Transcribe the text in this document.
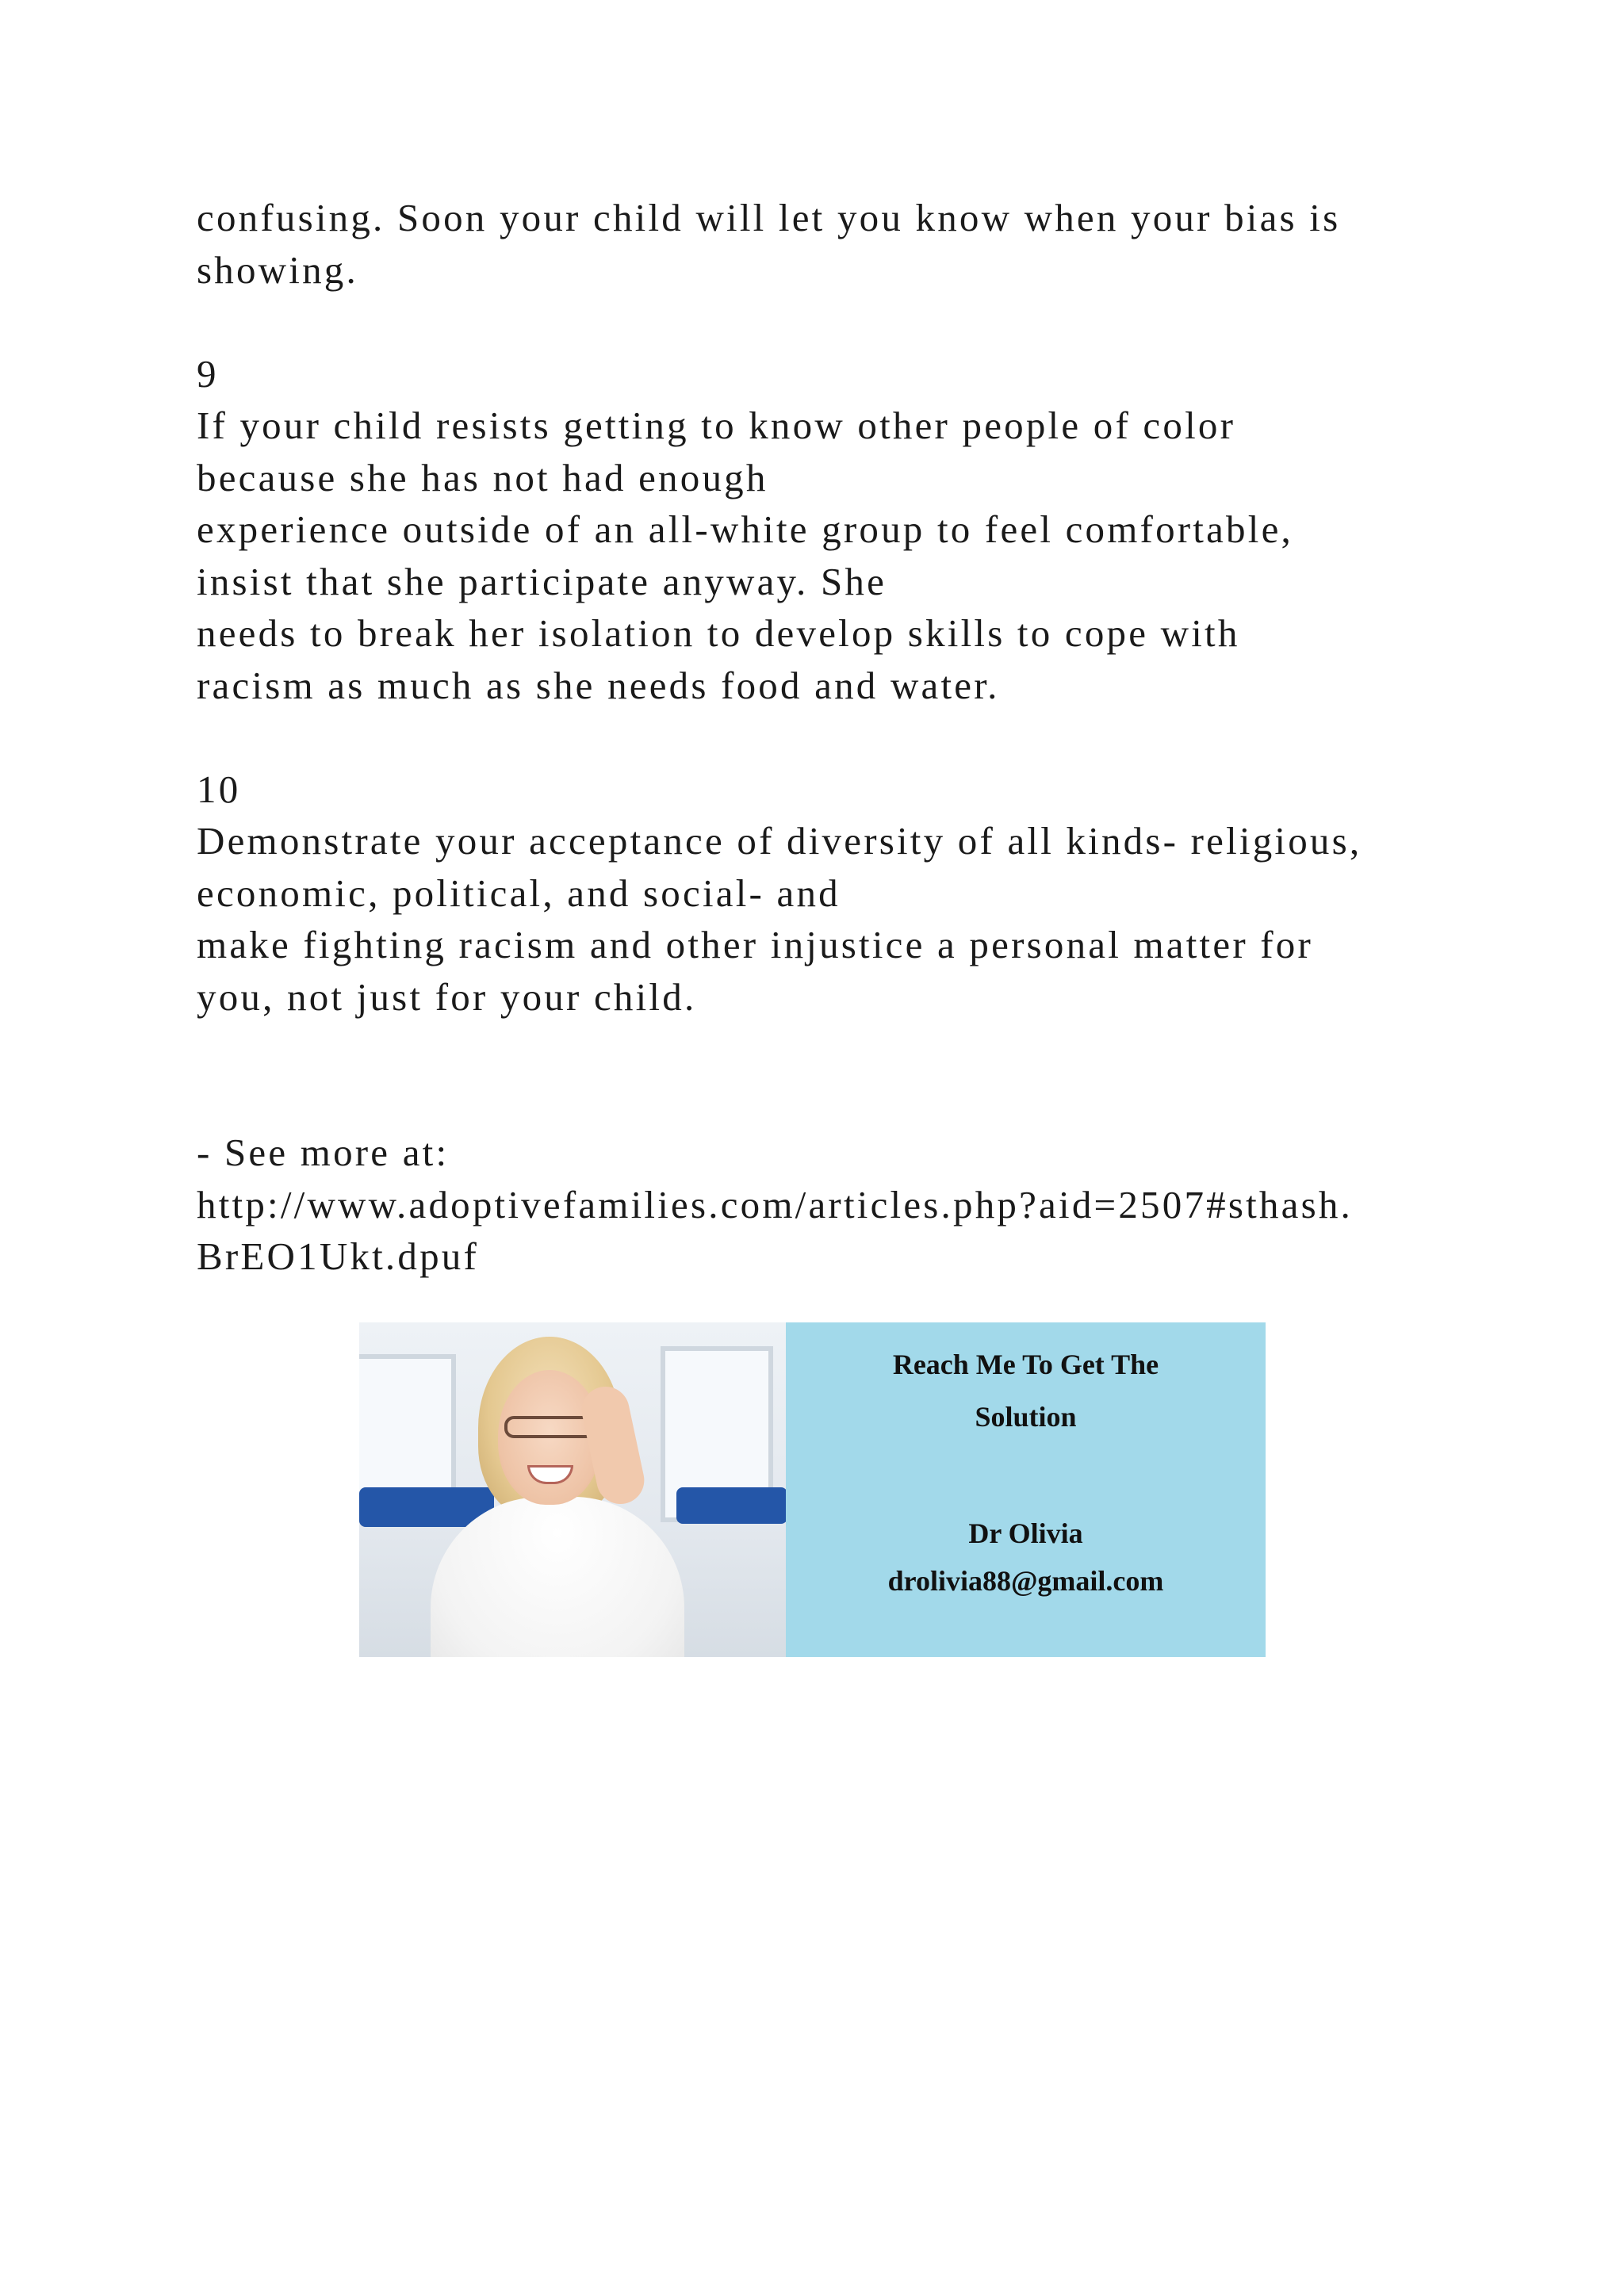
confusing. Soon your child will let you know when your bias is
showing.
9
If your child resists getting to know other people of color
because she has not had enough
experience outside of an all-white group to feel comfortable,
insist that she participate anyway. She
needs to break her isolation to develop skills to cope with
racism as much as she needs food and water.
10
Demonstrate your acceptance of diversity of all kinds- religious,
economic, political, and social- and
make fighting racism and other injustice a personal matter for
you, not just for your child.
- See more at:
http://www.adoptivefamilies.com/articles.php?aid=2507#sthash.
BrEO1Ukt.dpuf
Reach Me To Get The
Solution
Dr Olivia
drolivia88@gmail.com
